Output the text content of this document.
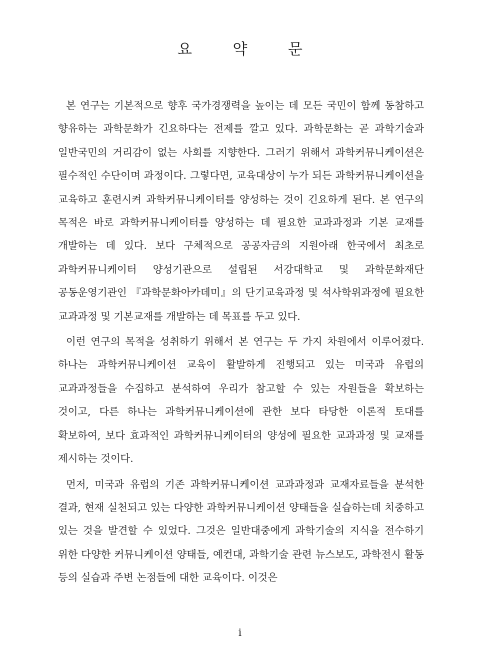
요 약 문

본 연구는 기본적으로 향후 국가경쟁력을 높이는 데 모든 국민이 함께 동참하고 향유하는 과학문화가 긴요하다는 전제를 깔고 있다. 과학문화는 곧 과학기술과 일반국민의 거리감이 없는 사회를 지향한다. 그러기 위해서 과학커뮤니케이션은 필수적인 수단이며 과정이다. 그렇다면, 교육대상이 누가 되든 과학커뮤니케이션을 교육하고 훈련시켜 과학커뮤니케이터를 양성하는 것이 긴요하게 된다. 본 연구의 목적은 바로 과학커뮤니케이터를 양성하는 데 필요한 교과과정과 기본 교재를 개발하는 데 있다. 보다 구체적으로 공공자금의 지원아래 한국에서 최초로 과학커뮤니케이터 양성기관으로 설립된 서강대학교 및 과학문화재단 공동운영기관인 『과학문화아카데미』의 단기교육과정 및 석사학위과정에 필요한 교과과정 및 기본교재를 개발하는 데 목표를 두고 있다.

이런 연구의 목적을 성취하기 위해서 본 연구는 두 가지 차원에서 이루어졌다. 하나는 과학커뮤니케이션 교육이 활발하게 진행되고 있는 미국과 유럽의 교과과정들을 수집하고 분석하여 우리가 참고할 수 있는 자원들을 확보하는 것이고, 다른 하나는 과학커뮤니케이션에 관한 보다 타당한 이론적 토대를 확보하여, 보다 효과적인 과학커뮤니케이터의 양성에 필요한 교과과정 및 교재를 제시하는 것이다.

먼저, 미국과 유럽의 기존 과학커뮤니케이션 교과과정과 교재자료들을 분석한 결과, 현재 실천되고 있는 다양한 과학커뮤니케이션 양태들을 실습하는데 치중하고 있는 것을 발견할 수 있었다. 그것은 일반대중에게 과학기술의 지식을 전수하기 위한 다양한 커뮤니케이션 양태들, 예컨대, 과학기술 관련 뉴스보도, 과학전시 활동 등의 실습과 주변 논점들에 대한 교육이다. 이것은

i
